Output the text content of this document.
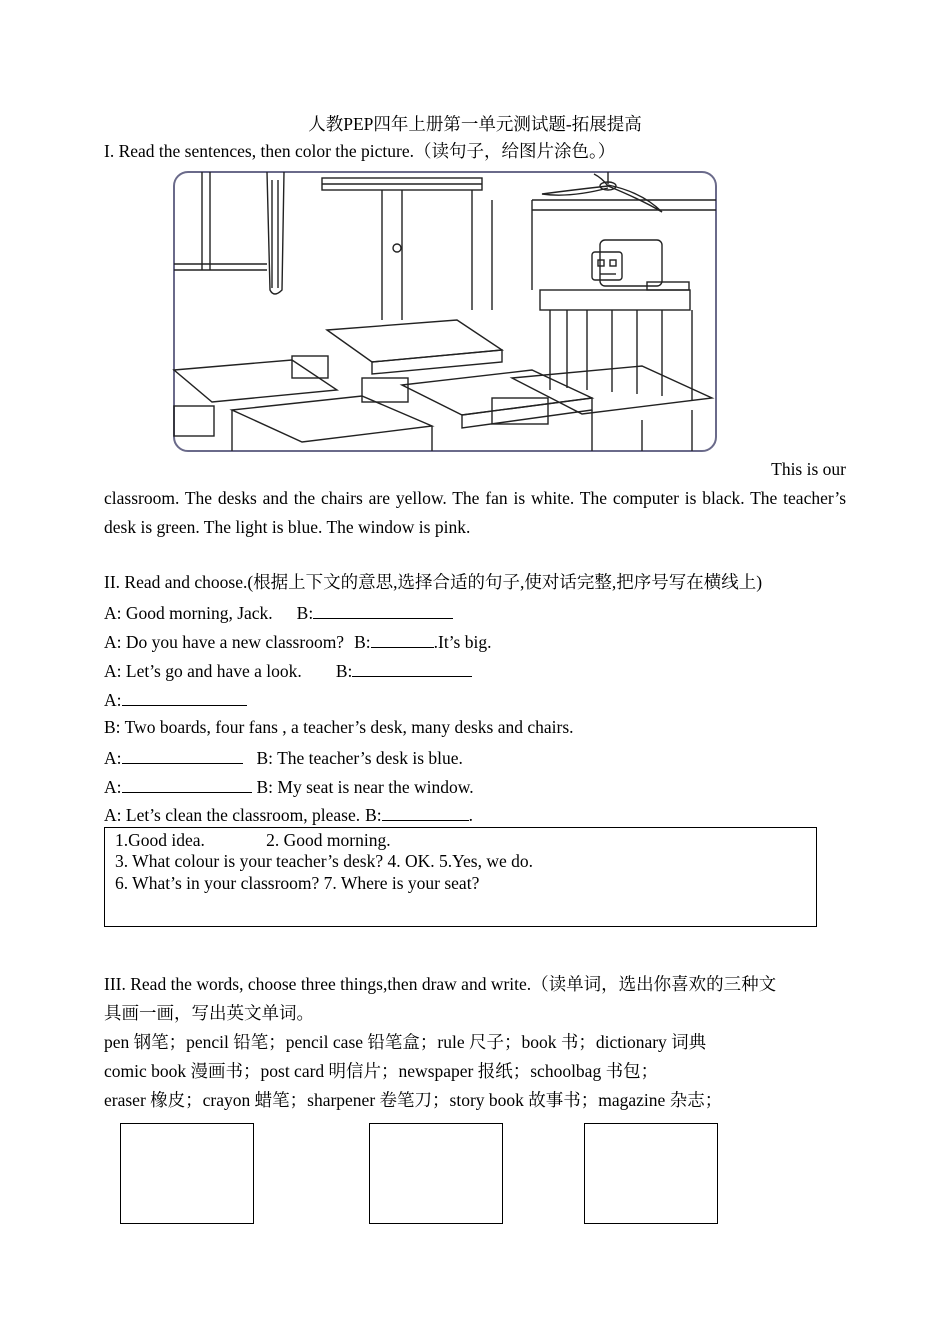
人教PEP四年上册第一单元测试题-拓展提高
I. Read the sentences, then color the picture.（读句子，给图片涂色。）
This is our
classroom. The desks and the chairs are yellow. The fan is white. The computer is black. The teacher’s desk is green. The light is blue. The window is pink.
II. Read and choose.(根据上下文的意思,选择合适的句子,使对话完整,把序号写在横线上)
A: Good morning, Jack. B:
A: Do you have a new classroom? B:	.It’s big.
A: Let’s go and have a look. B:
A:
B: Two boards, four fans , a teacher’s desk, many desks and chairs.
A:	B: The teacher’s desk is blue.
A:	B: My seat is near the window.
A: Let’s clean the classroom, please. B:	.
1.Good idea.              2. Good morning.
3. What colour is your teacher’s desk? 4. OK. 5.Yes, we do.
6. What’s in your classroom? 7. Where is your seat?
III. Read the words, choose three things,then draw and write.（读单词，选出你喜欢的三种文
具画一画，写出英文单词。
pen 钢笔；pencil 铅笔；pencil case 铅笔盒；rule 尺子；book 书；dictionary 词典
comic book 漫画书；post card 明信片；newspaper 报纸；schoolbag 书包；
eraser 橡皮；crayon 蜡笔；sharpener 卷笔刀；story book 故事书；magazine 杂志；
